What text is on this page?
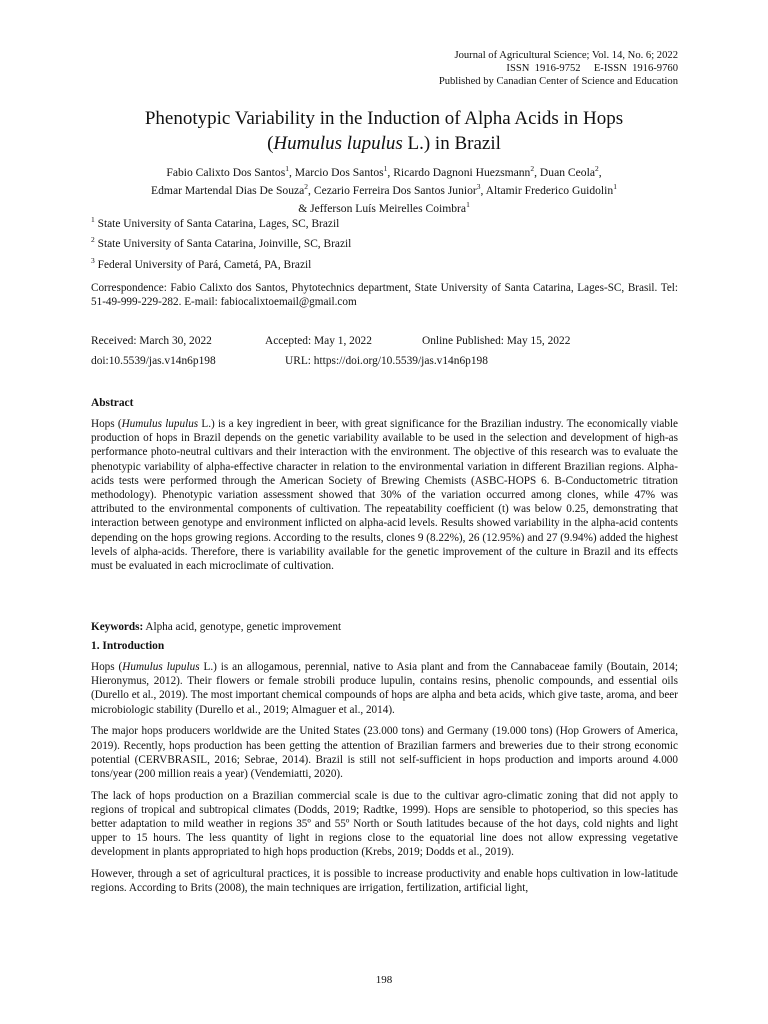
Journal of Agricultural Science; Vol. 14, No. 6; 2022
ISSN  1916-9752     E-ISSN  1916-9760
Published by Canadian Center of Science and Education
Phenotypic Variability in the Induction of Alpha Acids in Hops
(Humulus lupulus L.) in Brazil
Fabio Calixto Dos Santos$^1$, Marcio Dos Santos$^1$, Ricardo Dagnoni Huezsmann$^2$, Duan Ceola$^2$,
Edmar Martendal Dias De Souza$^2$, Cezario Ferreira Dos Santos Junior$^3$, Altamir Frederico Guidolin$^1$
& Jefferson Luís Meirelles Coimbra$^1$
$^1$ State University of Santa Catarina, Lages, SC, Brazil
$^2$ State University of Santa Catarina, Joinville, SC, Brazil
$^3$ Federal University of Pará, Cametá, PA, Brazil
Correspondence: Fabio Calixto dos Santos, Phytotechnics department, State University of Santa Catarina, Lages-SC, Brasil. Tel: 51-49-999-229-282. E-mail: fabiocalixtoemail@gmail.com
Received: March 30, 2022	Accepted: May 1, 2022	Online Published: May 15, 2022
doi:10.5539/jas.v14n6p198	URL: https://doi.org/10.5539/jas.v14n6p198
Abstract
Hops (Humulus lupulus L.) is a key ingredient in beer, with great significance for the Brazilian industry. The economically viable production of hops in Brazil depends on the genetic variability available to be used in the selection and development of high-as performance photo-neutral cultivars and their interaction with the environment. The objective of this research was to evaluate the phenotypic variability of alpha-effective character in relation to the environmental variation in different Brazilian regions. Alpha-acids tests were performed through the American Society of Brewing Chemists (ASBC-HOPS 6. B-Conductometric titration methodology). Phenotypic variation assessment showed that 30% of the variation occurred among clones, while 47% was attributed to the environmental components of cultivation. The repeatability coefficient (t) was below 0.25, demonstrating that interaction between genotype and environment inflicted on alpha-acid levels. Results showed variability in the alpha-acid contents depending on the hops growing regions. According to the results, clones 9 (8.22%), 26 (12.95%) and 27 (9.94%) added the highest levels of alpha-acids. Therefore, there is variability available for the genetic improvement of the culture in Brazil and its effects must be evaluated in each microclimate of cultivation.
Keywords: Alpha acid, genotype, genetic improvement
1. Introduction

Hops (Humulus lupulus L.) is an allogamous, perennial, native to Asia plant and from the Cannabaceae family (Boutain, 2014; Hieronymus, 2012). Their flowers or female strobili produce lupulin, contains resins, phenolic compounds, and essential oils (Durello et al., 2019). The most important chemical compounds of hops are alpha and beta acids, which give taste, aroma, and beer microbiologic stability (Durello et al., 2019; Almaguer et al., 2014).

The major hops producers worldwide are the United States (23.000 tons) and Germany (19.000 tons) (Hop Growers of America, 2019). Recently, hops production has been getting the attention of Brazilian farmers and breweries due to their strong economic potential (CERVBRASIL, 2016; Sebrae, 2014). Brazil is still not self-sufficient in hops production and imports around 4.000 tons/year (200 million reais a year) (Vendemiatti, 2020).

The lack of hops production on a Brazilian commercial scale is due to the cultivar agro-climatic zoning that did not apply to regions of tropical and subtropical climates (Dodds, 2019; Radtke, 1999). Hops are sensible to photoperiod, so this species has better adaptation to mild weather in regions 35º and 55º North or South latitudes because of the hot days, cold nights and light upper to 15 hours. The less quantity of light in regions close to the equatorial line does not allow expressing vegetative development in plants appropriated to high hops production (Krebs, 2019; Dodds et al., 2019).

However, through a set of agricultural practices, it is possible to increase productivity and enable hops cultivation in low-latitude regions. According to Brits (2008), the main techniques are irrigation, fertilization, artificial light,

198
